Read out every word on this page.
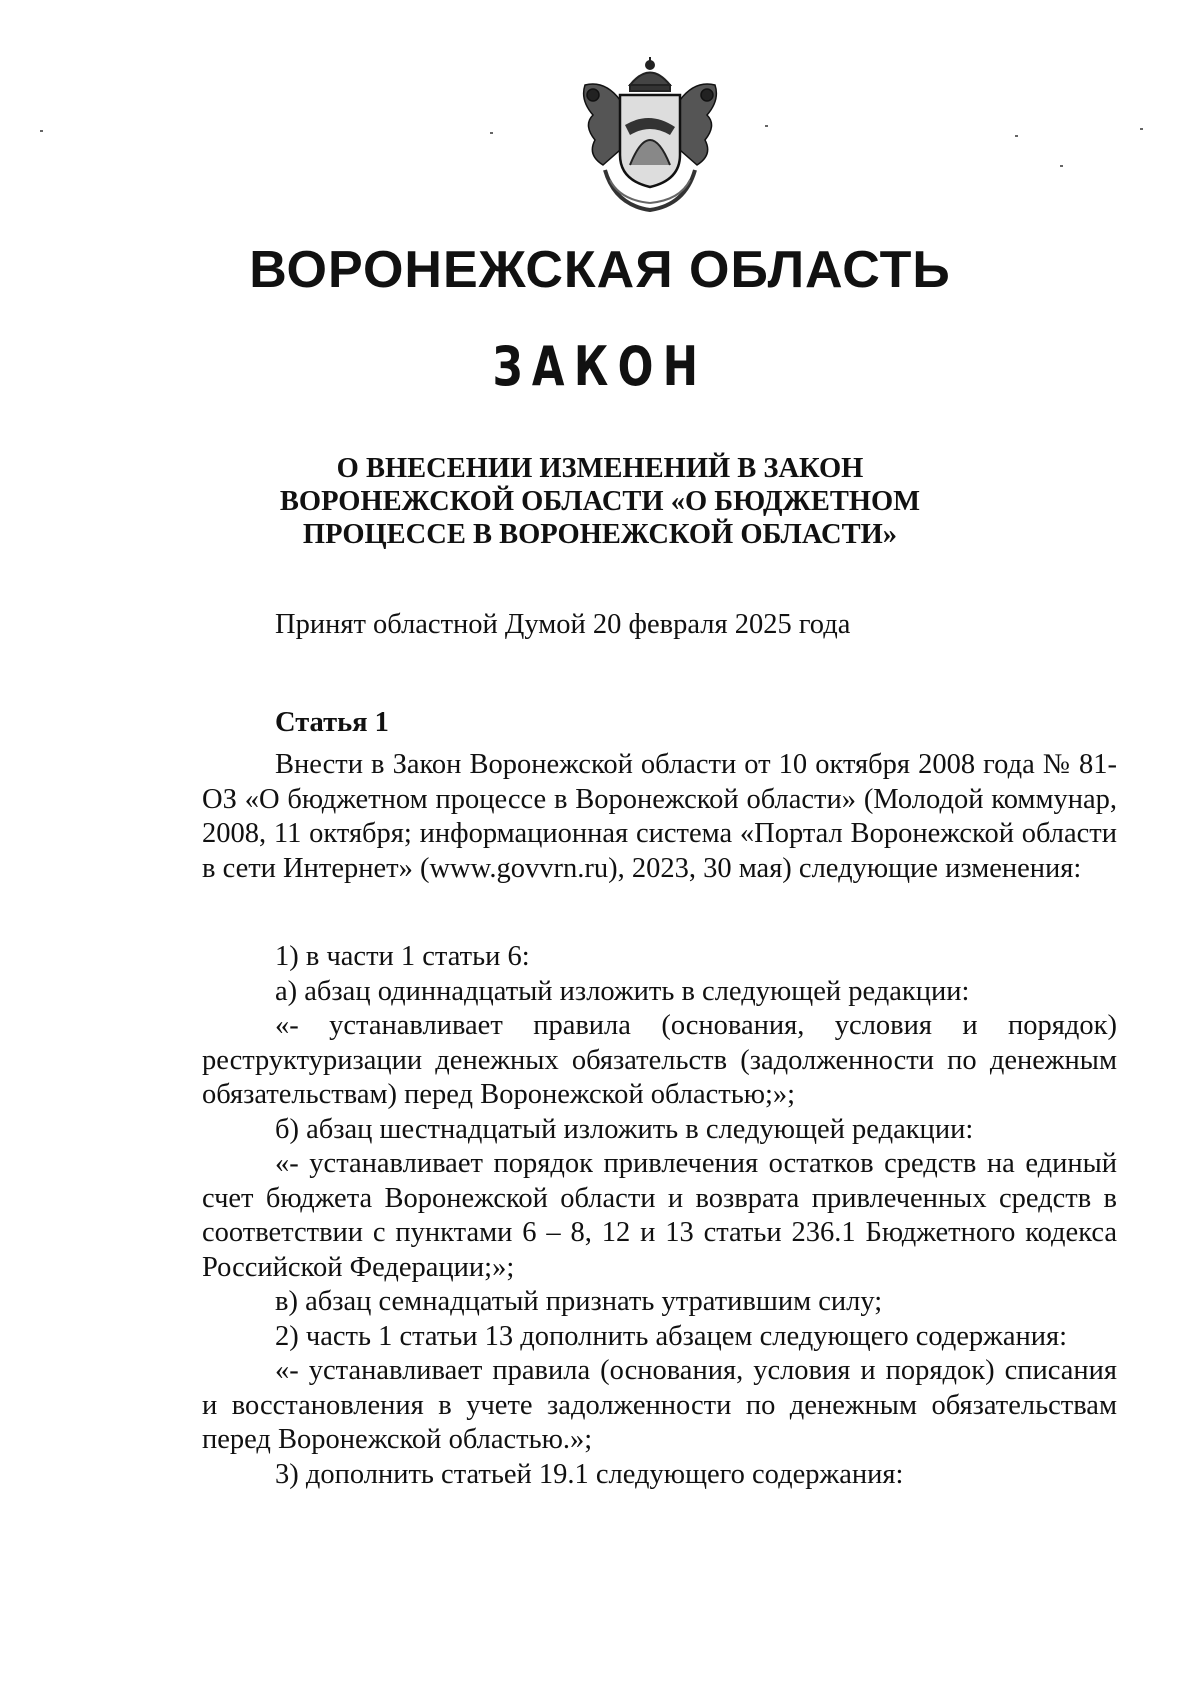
ВОРОНЕЖСКАЯ ОБЛАСТЬ
ЗАКОН
О ВНЕСЕНИИ ИЗМЕНЕНИЙ В ЗАКОН
ВОРОНЕЖСКОЙ ОБЛАСТИ «О БЮДЖЕТНОМ
ПРОЦЕССЕ В ВОРОНЕЖСКОЙ ОБЛАСТИ»
Принят областной Думой 20 февраля 2025 года
Статья 1

Внести в Закон Воронежской области от 10 октября 2008 года № 81-ОЗ «О бюджетном процессе в Воронежской области» (Молодой коммунар, 2008, 11 октября; информационная система «Портал Воронежской области в сети Интернет» (www.govvrn.ru), 2023, 30 мая) следующие изменения:

1) в части 1 статьи 6:

а) абзац одиннадцатый изложить в следующей редакции:

«- устанавливает правила (основания, условия и порядок) реструктуризации денежных обязательств (задолженности по денежным обязательствам) перед Воронежской областью;»;

б) абзац шестнадцатый изложить в следующей редакции:

«- устанавливает порядок привлечения остатков средств на единый счет бюджета Воронежской области и возврата привлеченных средств в соответствии с пунктами 6 – 8, 12 и 13 статьи 236.1 Бюджетного кодекса Российской Федерации;»;

в) абзац семнадцатый признать утратившим силу;

2) часть 1 статьи 13 дополнить абзацем следующего содержания:

«- устанавливает правила (основания, условия и порядок) списания и восстановления в учете задолженности по денежным обязательствам перед Воронежской областью.»;

3) дополнить статьей 19.1 следующего содержания:
